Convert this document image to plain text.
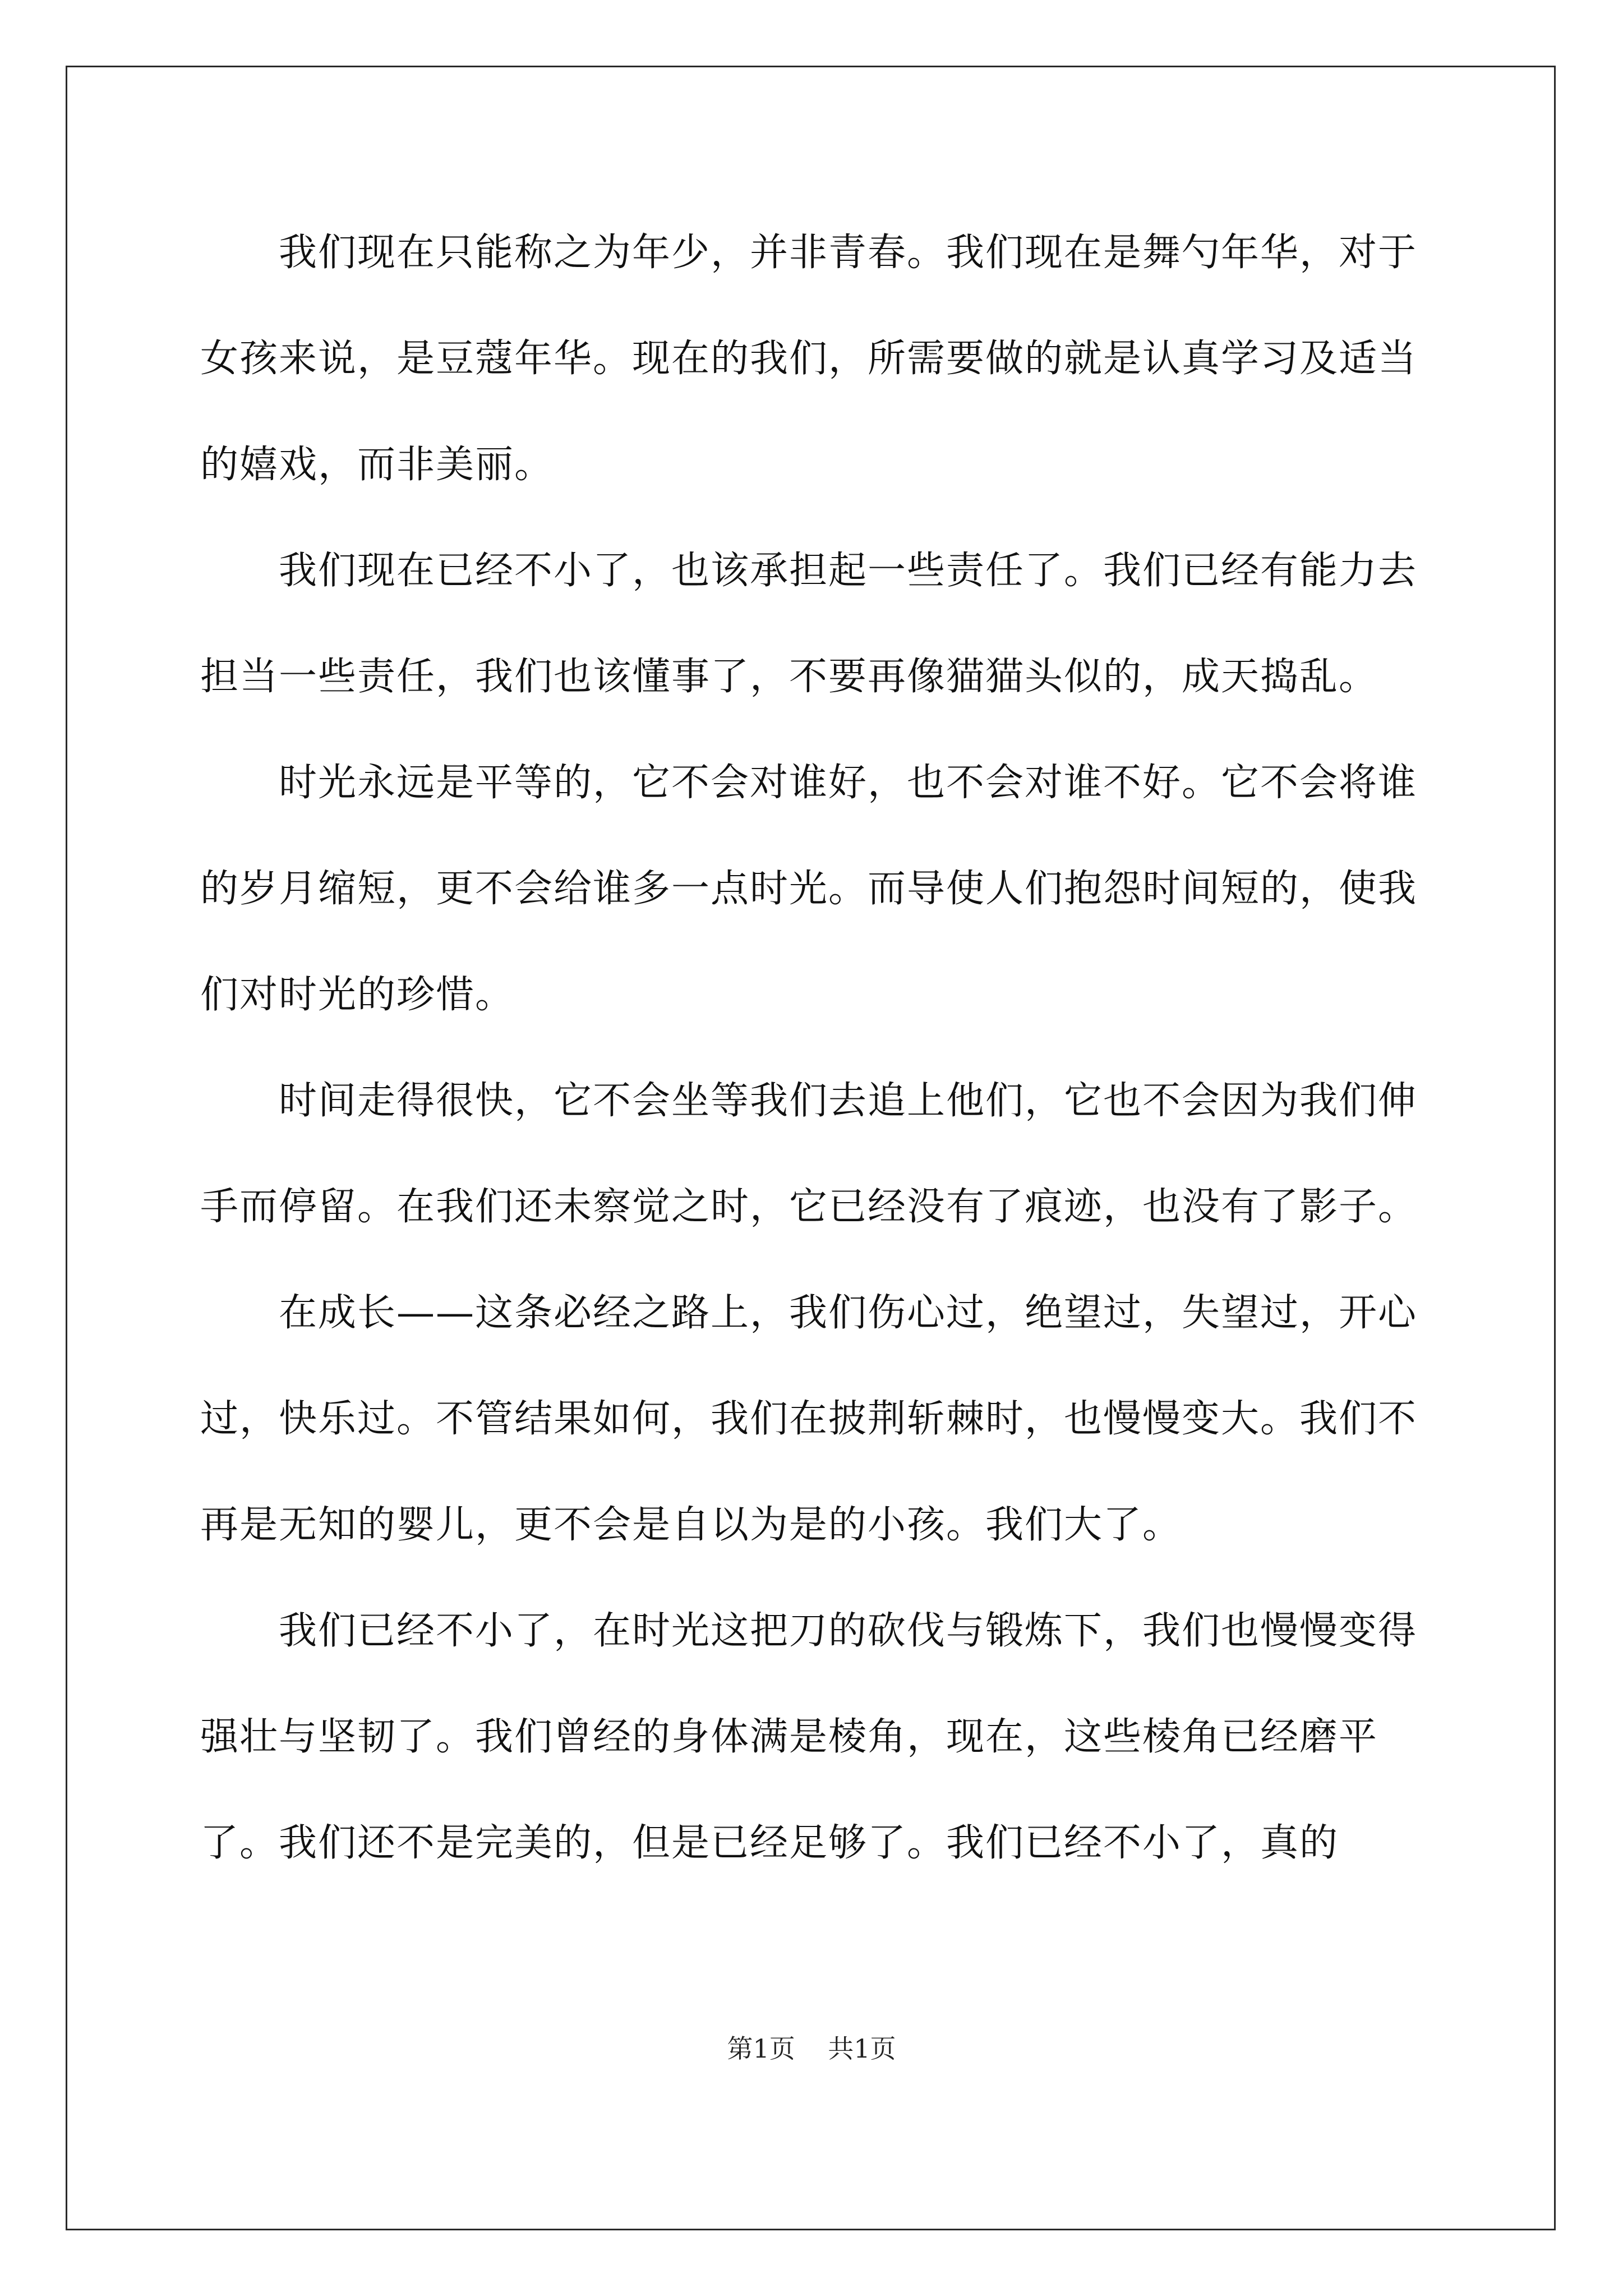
我们现在只能称之为年少，并非青春。我们现在是舞勺年华，对于女孩来说，是豆蔻年华。现在的我们，所需要做的就是认真学习及适当的嬉戏，而非美丽。

我们现在已经不小了，也该承担起一些责任了。我们已经有能力去担当一些责任，我们也该懂事了，不要再像猫猫头似的，成天捣乱。

时光永远是平等的，它不会对谁好，也不会对谁不好。它不会将谁的岁月缩短，更不会给谁多一点时光。而导使人们抱怨时间短的，使我们对时光的珍惜。

时间走得很快，它不会坐等我们去追上他们，它也不会因为我们伸手而停留。在我们还未察觉之时，它已经没有了痕迹，也没有了影子。

在成长——这条必经之路上，我们伤心过，绝望过，失望过，开心过，快乐过。不管结果如何，我们在披荆斩棘时，也慢慢变大。我们不再是无知的婴儿，更不会是自以为是的小孩。我们大了。

我们已经不小了，在时光这把刀的砍伐与锻炼下，我们也慢慢变得强壮与坚韧了。我们曾经的身体满是棱角，现在，这些棱角已经磨平了。我们还不是完美的，但是已经足够了。我们已经不小了，真的

第1页    共1页
